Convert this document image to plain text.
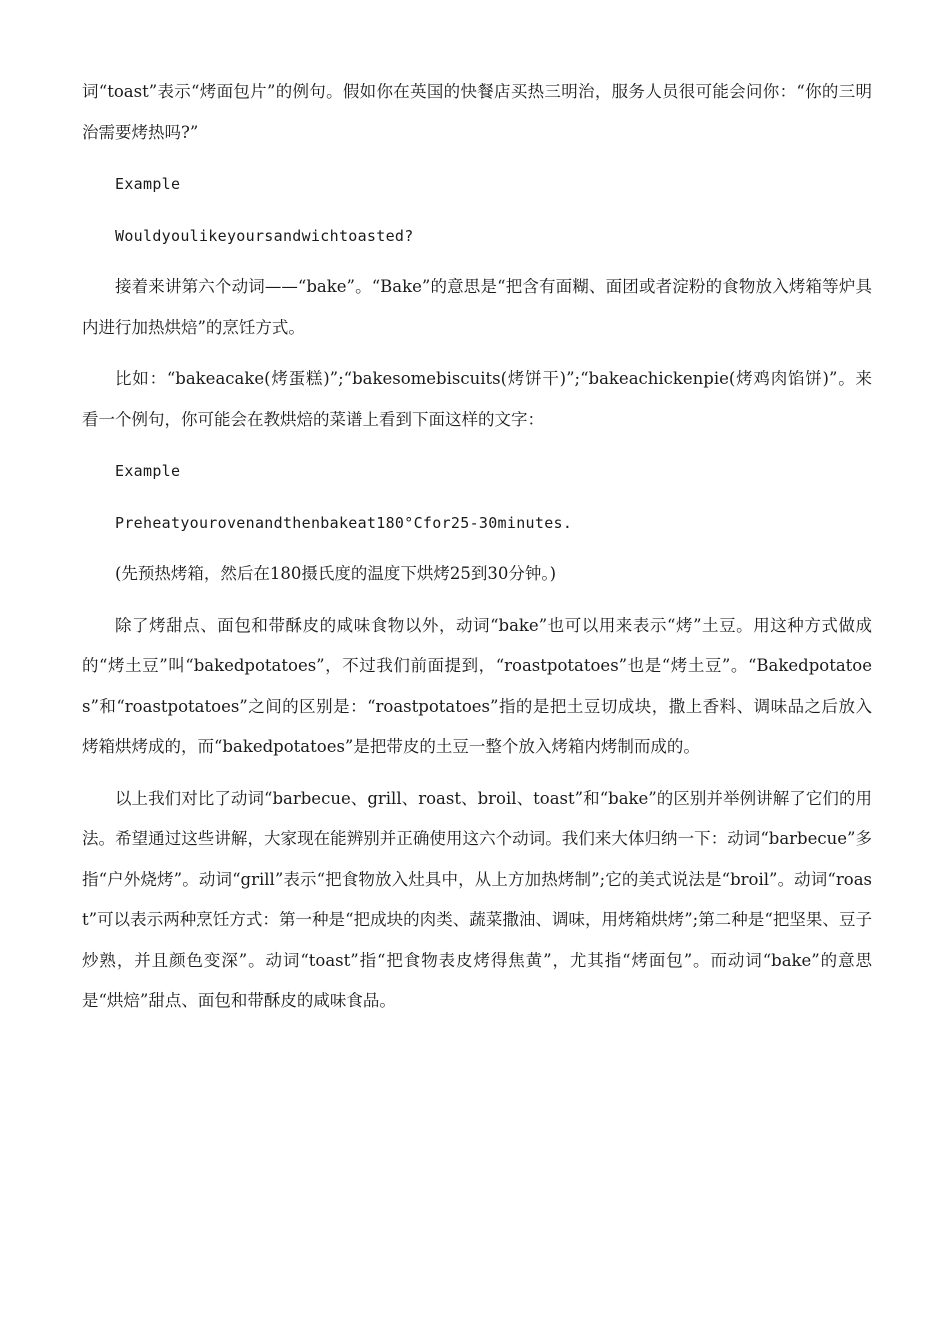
词“toast”表示“烤面包片”的例句。假如你在英国的快餐店买热三明治，服务人员很可能会问你：“你的三明治需要烤热吗?”

Example

Wouldyoulikeyoursandwichtoasted?

接着来讲第六个动词——“bake”。“Bake”的意思是“把含有面糊、面团或者淀粉的食物放入烤箱等炉具内进行加热烘焙”的烹饪方式。

比如：“bakeacake(烤蛋糕)”;“bakesomebiscuits(烤饼干)”;“bakeachickenpie(烤鸡肉馅饼)”。来看一个例句，你可能会在教烘焙的菜谱上看到下面这样的文字：

Example

Preheatyourovenandthenbakeat180°Cfor25-30minutes.

(先预热烤箱，然后在180摄氏度的温度下烘烤25到30分钟。)

除了烤甜点、面包和带酥皮的咸味食物以外，动词“bake”也可以用来表示“烤”土豆。用这种方式做成的“烤土豆”叫“bakedpotatoes”，不过我们前面提到，“roastpotatoes”也是“烤土豆”。“Bakedpotatoes”和“roastpotatoes”之间的区别是：“roastpotatoes”指的是把土豆切成块，撒上香料、调味品之后放入烤箱烘烤成的，而“bakedpotatoes”是把带皮的土豆一整个放入烤箱内烤制而成的。

以上我们对比了动词“barbecue、grill、roast、broil、toast”和“bake”的区别并举例讲解了它们的用法。希望通过这些讲解，大家现在能辨别并正确使用这六个动词。我们来大体归纳一下：动词“barbecue”多指“户外烧烤”。动词“grill”表示“把食物放入灶具中，从上方加热烤制”;它的美式说法是“broil”。动词“roast”可以表示两种烹饪方式：第一种是“把成块的肉类、蔬菜撒油、调味，用烤箱烘烤”;第二种是“把坚果、豆子炒熟，并且颜色变深”。动词“toast”指“把食物表皮烤得焦黄”，尤其指“烤面包”。而动词“bake”的意思是“烘焙”甜点、面包和带酥皮的咸味食品。
